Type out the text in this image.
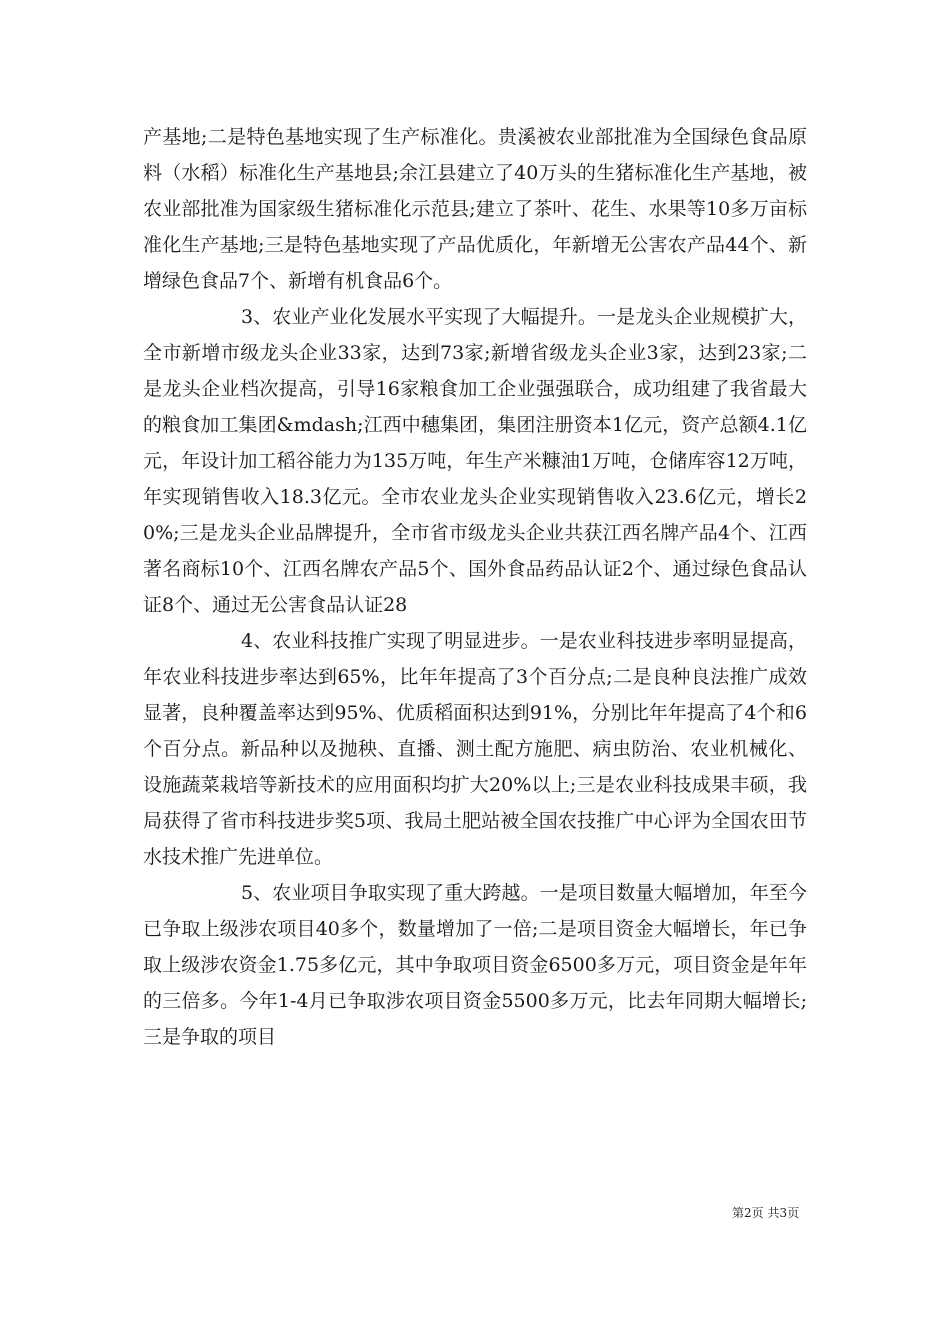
产基地;二是特色基地实现了生产标准化。贵溪被农业部批准为全国绿色食品原料（水稻）标准化生产基地县;余江县建立了40万头的生猪标准化生产基地，被农业部批准为国家级生猪标准化示范县;建立了茶叶、花生、水果等10多万亩标准化生产基地;三是特色基地实现了产品优质化，年新增无公害农产品44个、新增绿色食品7个、新增有机食品6个。

3、农业产业化发展水平实现了大幅提升。一是龙头企业规模扩大，全市新增市级龙头企业33家，达到73家;新增省级龙头企业3家，达到23家;二是龙头企业档次提高，引导16家粮食加工企业强强联合，成功组建了我省最大的粮食加工集团&mdash;江西中穗集团，集团注册资本1亿元，资产总额4.1亿元，年设计加工稻谷能力为135万吨，年生产米糠油1万吨，仓储库容12万吨，年实现销售收入18.3亿元。全市农业龙头企业实现销售收入23.6亿元，增长20%;三是龙头企业品牌提升，全市省市级龙头企业共获江西名牌产品4个、江西著名商标10个、江西名牌农产品5个、国外食品药品认证2个、通过绿色食品认证8个、通过无公害食品认证28

4、农业科技推广实现了明显进步。一是农业科技进步率明显提高，年农业科技进步率达到65%，比年年提高了3个百分点;二是良种良法推广成效显著，良种覆盖率达到95%、优质稻面积达到91%，分别比年年提高了4个和6个百分点。新品种以及抛秧、直播、测土配方施肥、病虫防治、农业机械化、设施蔬菜栽培等新技术的应用面积均扩大20%以上;三是农业科技成果丰硕，我局获得了省市科技进步奖5项、我局土肥站被全国农技推广中心评为全国农田节水技术推广先进单位。

5、农业项目争取实现了重大跨越。一是项目数量大幅增加，年至今已争取上级涉农项目40多个，数量增加了一倍;二是项目资金大幅增长，年已争取上级涉农资金1.75多亿元，其中争取项目资金6500多万元，项目资金是年年的三倍多。今年1-4月已争取涉农项目资金5500多万元，比去年同期大幅增长;三是争取的项目

第2页 共3页
